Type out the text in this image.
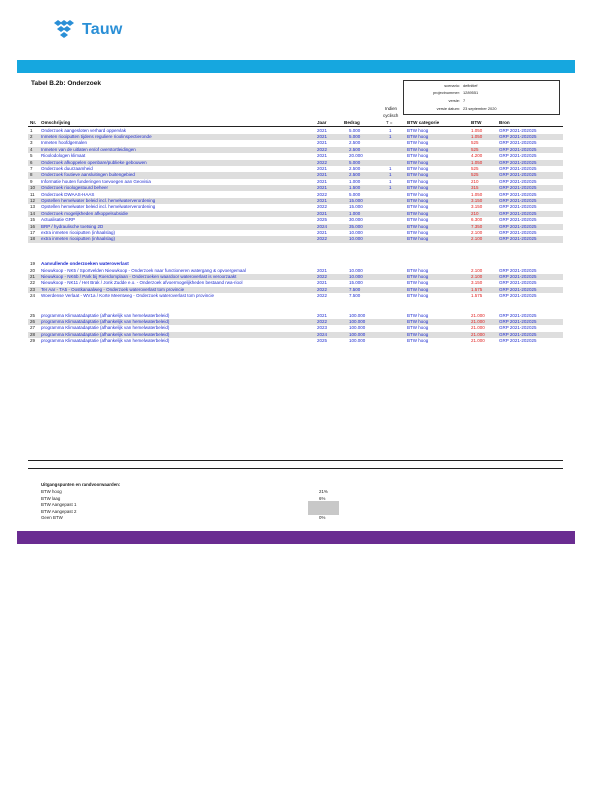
Tauw
Tabel B.2b: Onderzoek	scenario: definitief
projectnummer: 1289551
versie: 7
versie datum: 23 september 2020
Indien
cyclisch
T =
Nr. Omschrijving	Jaar	Bedrag	BTW categorie	BTW	Bron
1 Onderzoek aangesloten verhard oppervlak	2021	5.000	1	BTW hoog	1.050	GRP 2021-202025
2 Inmeten riooiputten tijdens reguliere rioolinspectieronde	2021	5.000	1	BTW hoog	1.050	GRP 2021-202025
3 Inmeten hoofdgemalen	2021	2.500	BTW hoog	525	GRP 2021-202025
4 Inmeten van de uitlaten en/of overstortleidingen	2022	2.500	BTW hoog	525	GRP 2021-202025
5 Rioolodologen klimaat	2021	20.000	BTW hoog	4.200	GRP 2021-202025
6 Onderzoek afkoppelen openbare/publieke gebouwen	2022	5.000	BTW hoog	1.050	GRP 2021-202025
7 Onderzoek duurzaamheid	2021	2.500	1	BTW hoog	525	GRP 2021-202025
8 Onderzoek foutieve aansluitingen buitengebied	2021	2.500	1	BTW hoog	525	GRP 2021-202025
9 Informatie houten funderingen toevoegen aan Geovisia	2021	1.000	1	BTW hoog	210	GRP 2021-202025
10 Onderzoek rioologestuurd beheer	2021	1.500	1	BTW hoog	315	GRP 2021-202025
11 Onderzoek DWAAS-HAAS	2022	5.000	BTW hoog	1.050	GRP 2021-202025
12 Opstellen hemelwater beleid incl. hemelwaterverordening	2021	15.000	BTW hoog	3.150	GRP 2021-202025
13 Opstellen hemelwater beleid incl. hemelwaterverordening	2022	15.000	BTW hoog	3.150	GRP 2021-202025
14 Onderzoek mogelijkheden afkoppelsubsidie	2021	1.000	BTW hoog	210	GRP 2021-202025
15 Actualisatie GRP	2025	30.000	BTW hoog	6.300	GRP 2021-202025
16 BRP / hydraulische toetsing 2D	2024	35.000	BTW hoog	7.350	GRP 2021-202025
17 extra inmeten riooiputten (inhaalslag)	2021	10.000	BTW hoog	2.100	GRP 2021-202025
18 extra inmeten riooiputten (inhaalslag)	2022	10.000	BTW hoog	2.100	GRP 2021-202025
19 Aanvullende onderzoeken wateroverlast
20 Nieuwkoop - NK5 / Sportvelden Nieuwkoop - Onderzoek naar functioneren watergang & opvoergemaal	2021	10.000	BTW hoog	2.100	GRP 2021-202025
21 Nieuwkoop - NK6b / Park bij Roerdomplaan - Onderzoeken waardoor wateroverlast is veroorzaakt	2022	10.000	BTW hoog	2.100	GRP 2021-202025
22 Nieuwkoop - NK11 / Het Brak / Jonk Zudde e.o. - Onderzoek afvoermogelijkheden bestaand rwa-riool	2021	15.000	BTW hoog	3.150	GRP 2021-202025
23 Ter Aar - TA5 - Oostkanaalweg - Onderzoek wateroverlast tom provincie	2022	7.500	BTW hoog	1.575	GRP 2021-202025
24 Woerdense Verlaat - WV1a / Korte Meentweg - Onderzoek wateroverlast tom provincie	2022	7.500	BTW hoog	1.575	GRP 2021-202025
25 programma Klimaatadaptatie (afhankelijk van hemelwaterbeleid)	2021	100.000	BTW hoog	21.000	GRP 2021-202025
26 programma Klimaatadaptatie (afhankelijk van hemelwaterbeleid)	2022	100.000	BTW hoog	21.000	GRP 2021-202025
27 programma Klimaatadaptatie (afhankelijk van hemelwaterbeleid)	2023	100.000	BTW hoog	21.000	GRP 2021-202025
28 programma Klimaatadaptatie (afhankelijk van hemelwaterbeleid)	2024	100.000	BTW hoog	21.000	GRP 2021-202025
29 programma Klimaatadaptatie (afhankelijk van hemelwaterbeleid)	2025	100.000	BTW hoog	21.000	GRP 2021-202025
Uitgangspunten en randvoorwaarden:
BTW hoog	21%
BTW laag	6%
BTW Aangepast 1
BTW Aangepast 2
Geen BTW	0%
